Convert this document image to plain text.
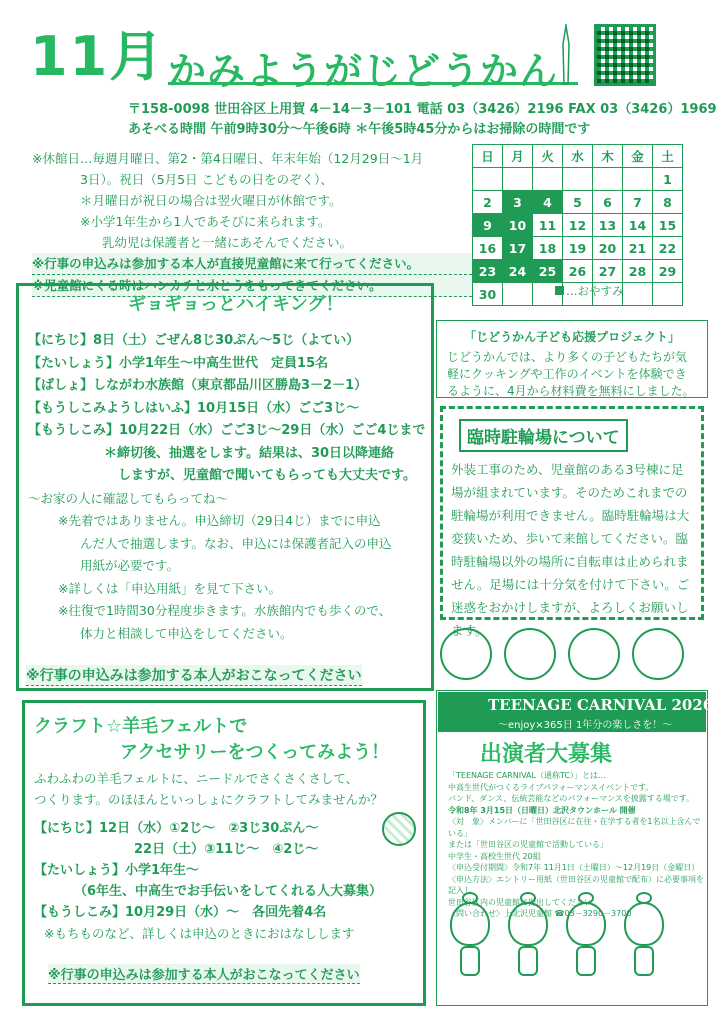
11月 かみようがじどうかん
〒158-0098 世田谷区上用賀 4－14－3－101 電話 03（3426）2196 FAX 03（3426）1969
あそべる時間 午前9時30分～午後6時 ＊午後5時45分からはお掃除の時間です
※休館日…毎週月曜日、第2・第4日曜日、年末年始（12月29日～1月
3日）。祝日（5月5日 こどもの日をのぞく）、
＊月曜日が祝日の場合は翌火曜日が休館です。
※小学1年生から1人であそびに来られます。
乳幼児は保護者と一緒にあそんでください。
※行事の申込みは参加する本人が直接児童館に来て行ってください。
※児童館にくる時はハンカチと水とうをもってきてください。
日	月	火	水	木	金	土
						1
2	3	4	5	6	7	8
9	10	11	12	13	14	15
16	17	18	19	20	21	22
23	24	25	26	27	28	29
30							…おやすみ
ギョギョっとハイキング！
【にちじ】8日（土）ごぜん8じ30ぷん～5じ（よてい）
【たいしょう】小学1年生～中高生世代　定員15名
【ばしょ】しながわ水族館（東京都品川区勝島3－2－1）
【もうしこみようしはいふ】10月15日（水）ごご3じ～
【もうしこみ】10月22日（水）ごご3じ～29日（水）ごご4じまで
＊締切後、抽選をします。結果は、30日以降連絡
しますが、児童館で聞いてもらっても大丈夫です。
～お家の人に確認してもらってね～
※先着ではありません。申込締切（29日4じ）までに申込
んだ人で抽選します。なお、申込には保護者記入の申込
用紙が必要です。
※詳しくは「申込用紙」を見て下さい。
※往復で1時間30分程度歩きます。水族館内でも歩くので、
体力と相談して申込をしてください。
※行事の申込みは参加する本人がおこなってください
「じどうかん子ども応援プロジェクト」
じどうかんでは、より多くの子どもたちが気軽にクッキングや工作のイベントを体験できるように、4月から材料費を無料にしました。
臨時駐輪場について
外装工事のため、児童館のある3号棟に足場が組まれています。そのためこれまでの駐輪場が利用できません。臨時駐輪場は大変狭いため、歩いて来館してください。臨時駐輪場以外の場所に自転車は止められません。足場には十分気を付けて下さい。ご迷惑をおかけしますが、よろしくお願いします。
TEENAGE CARNIVAL 2026
～enjoy×365日 1年分の楽しさを！～
出演者大募集
「TEENAGE CARNIVAL（通称TC）」とは…
中高生世代がつくるライブパフォーマンスイベントです。
バンド、ダンス、伝統芸能などのパフォーマンスを披露する場です。
令和8年 3月15日（日曜日）北沢タウンホール 開催
〈対　象〉メンバーに「世田谷区に在住・在学する者を1名以上含んでいる」
または「世田谷区の児童館で活動している」
中学生・高校生世代 20組
〈申込受付期間〉令和7年 11月1日（土曜日）～12月19日（金曜日）
〈申込方法〉エントリー用紙（世田谷区の児童館で配布）に必要事項を記入し
世田谷区内の児童館に提出してください。
〈問い合わせ〉上北沢児童館 ☎03－3290－3700
クラフト☆羊毛フェルトで
アクセサリーをつくってみよう！
ふわふわの羊毛フェルトに、ニードルでさくさくさして、
つくります。のほほんといっしょにクラフトしてみませんか？
【にちじ】12日（水）①2じ～　②3じ30ぷん～
22日（土）③11じ～　④2じ～
【たいしょう】小学1年生～
（6年生、中高生でお手伝いをしてくれる人大募集）
【もうしこみ】10月29日（水）～　各回先着4名
※もちものなど、詳しくは申込のときにおはなしします
※行事の申込みは参加する本人がおこなってください
